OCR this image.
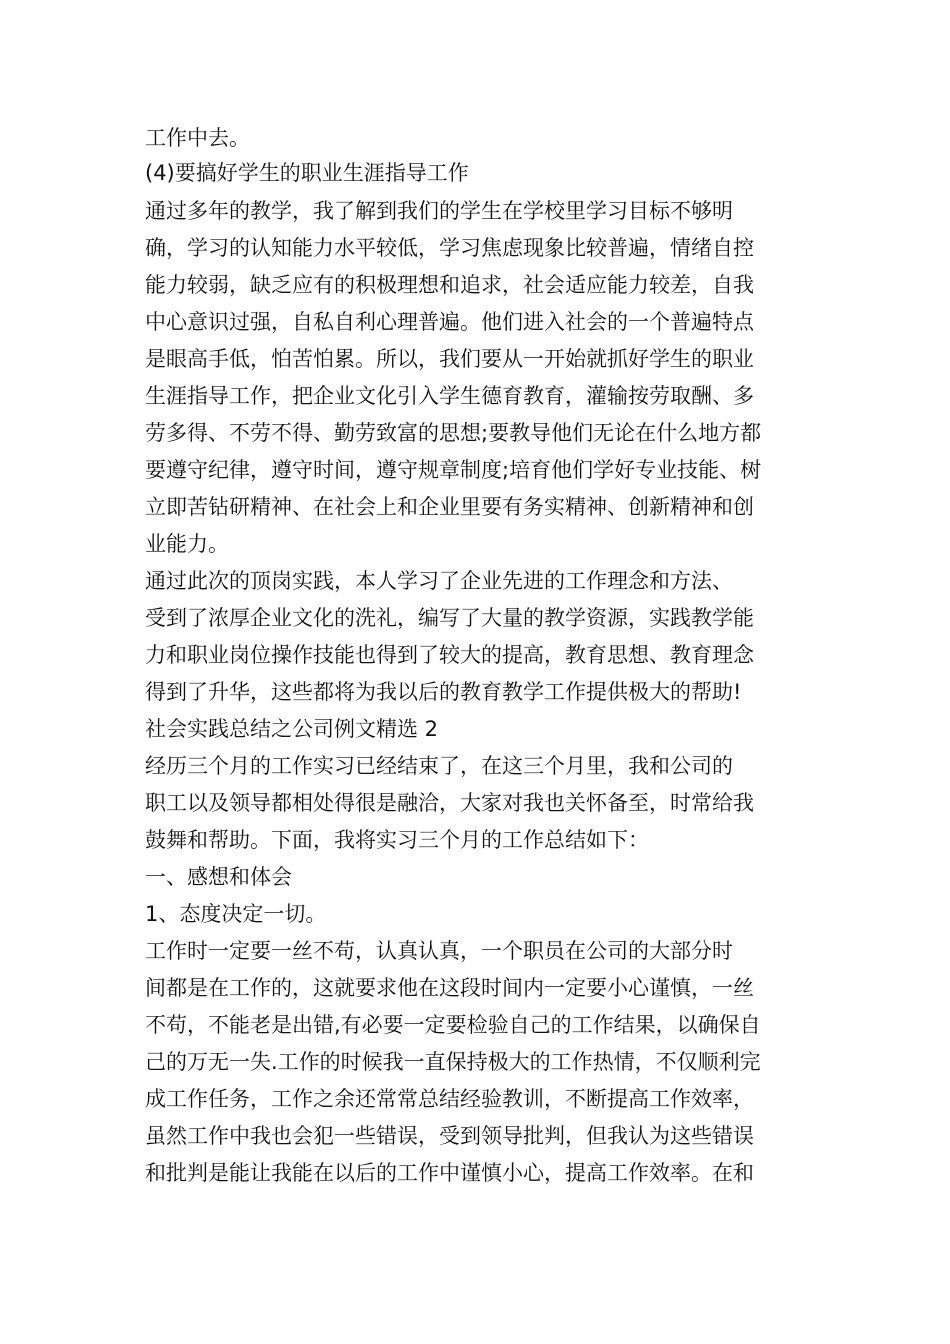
工作中去。
(4)要搞好学生的职业生涯指导工作
通过多年的教学，我了解到我们的学生在学校里学习目标不够明
确，学习的认知能力水平较低，学习焦虑现象比较普遍，情绪自控
能力较弱，缺乏应有的积极理想和追求，社会适应能力较差，自我
中心意识过强，自私自利心理普遍。他们进入社会的一个普遍特点
是眼高手低，怕苦怕累。所以，我们要从一开始就抓好学生的职业
生涯指导工作，把企业文化引入学生德育教育，灌输按劳取酬、多
劳多得、不劳不得、勤劳致富的思想;要教导他们无论在什么地方都
要遵守纪律，遵守时间，遵守规章制度;培育他们学好专业技能、树
立即苦钻研精神、在社会上和企业里要有务实精神、创新精神和创
业能力。
通过此次的顶岗实践，本人学习了企业先进的工作理念和方法、
受到了浓厚企业文化的洗礼，编写了大量的教学资源，实践教学能
力和职业岗位操作技能也得到了较大的提高，教育思想、教育理念
得到了升华，这些都将为我以后的教育教学工作提供极大的帮助!
社会实践总结之公司例文精选 2
经历三个月的工作实习已经结束了，在这三个月里，我和公司的
职工以及领导都相处得很是融洽，大家对我也关怀备至，时常给我
鼓舞和帮助。下面，我将实习三个月的工作总结如下：
一、感想和体会
1、态度决定一切。
工作时一定要一丝不苟，认真认真，一个职员在公司的大部分时
间都是在工作的，这就要求他在这段时间内一定要小心谨慎，一丝
不苟，不能老是出错,有必要一定要检验自己的工作结果，以确保自
己的万无一失.工作的时候我一直保持极大的工作热情，不仅顺利完
成工作任务，工作之余还常常总结经验教训，不断提高工作效率，
虽然工作中我也会犯一些错误，受到领导批判，但我认为这些错误
和批判是能让我能在以后的工作中谨慎小心，提高工作效率。在和
